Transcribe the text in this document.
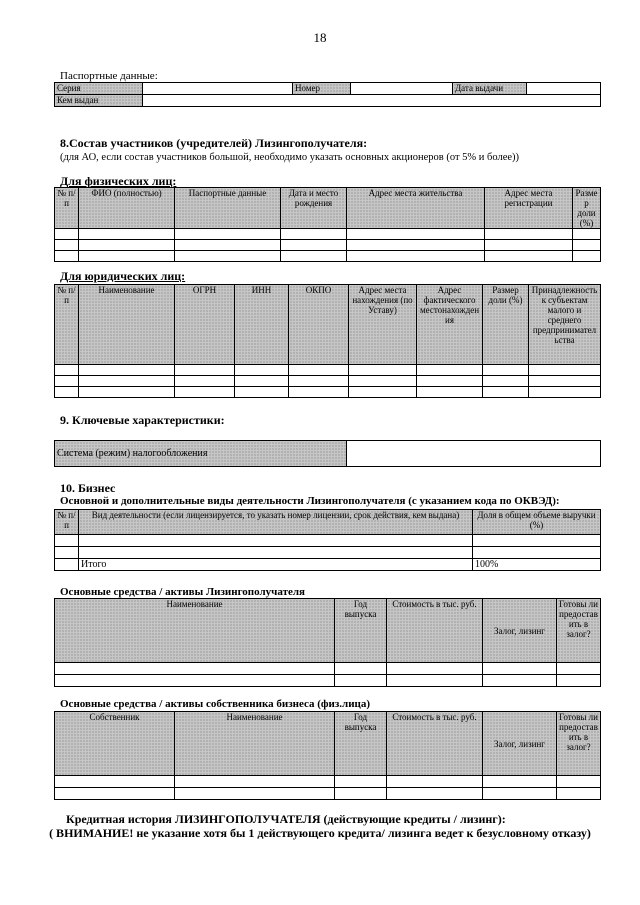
18
Паспортные данные:
Серия		Номер		Дата выдачи	
Кем выдан					
8.Состав участников (учредителей) Лизингополучателя:
(для АО, если состав участников большой, необходимо указать основных акционеров (от 5% и более))
Для физических лиц:
№ п/п	ФИО (полностью)	Паспортные данные	Дата и место рождения	Адрес места жительства	Адрес места регистрации	Размер доли (%)

Для юридических лиц:
№ п/п	Наименование	ОГРН	ИНН	ОКПО	Адрес места нахождения (по Уставу)	Адрес фактического местонахождения	Размер доли (%)	Принадлежность к субъектам малого и среднего предпринимательства

9. Ключевые характеристики:
Система (режим) налогообложения	
10. Бизнес
Основной и дополнительные виды деятельности Лизингополучателя (с указанием кода по ОКВЭД):
№ п/п	Вид деятельности (если лицензируется, то указать номер лицензии, срок действия, кем выдана)	Доля в общем объеме выручки (%)

	Итого	100%
Основные средства / активы Лизингополучателя
Наименование	Год выпуска	Стоимость в тыс. руб.	Залог, лизинг	Готовы ли предоставить в залог?

Основные средства / активы собственника бизнеса (физ.лица)
Собственник	Наименование	Год выпуска	Стоимость в тыс. руб.	Залог, лизинг	Готовы ли предоставить в залог?

Кредитная история ЛИЗИНГОПОЛУЧАТЕЛЯ (действующие кредиты / лизинг):
( ВНИМАНИЕ! не указание хотя бы 1 действующего кредита/ лизинга ведет к безусловному отказу)
